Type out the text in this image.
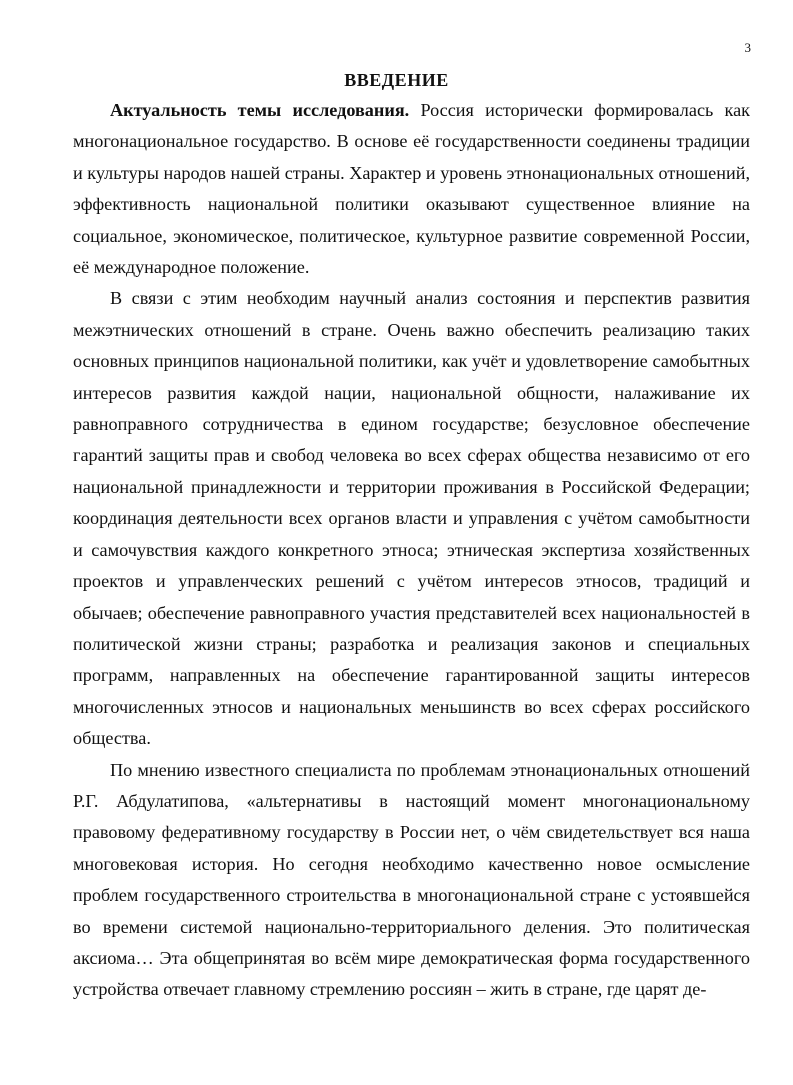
3
ВВЕДЕНИЕ

Актуальность темы исследования. Россия исторически формировалась как многонациональное государство. В основе её государственности соединены традиции и культуры народов нашей страны. Характер и уровень этнонациональных отношений, эффективность национальной политики оказывают существенное влияние на социальное, экономическое, политическое, культурное развитие современной России, её международное положение.

В связи с этим необходим научный анализ состояния и перспектив развития межэтнических отношений в стране. Очень важно обеспечить реализацию таких основных принципов национальной политики, как учёт и удовлетворение самобытных интересов развития каждой нации, национальной общности, налаживание их равноправного сотрудничества в едином государстве; безусловное обеспечение гарантий защиты прав и свобод человека во всех сферах общества независимо от его национальной принадлежности и территории проживания в Российской Федерации; координация деятельности всех органов власти и управления с учётом самобытности и самочувствия каждого конкретного этноса; этническая экспертиза хозяйственных проектов и управленческих решений с учётом интересов этносов, традиций и обычаев; обеспечение равноправного участия представителей всех национальностей в политической жизни страны; разработка и реализация законов и специальных программ, направленных на обеспечение гарантированной защиты интересов многочисленных этносов и национальных меньшинств во всех сферах российского общества.

По мнению известного специалиста по проблемам этнонациональных отношений Р.Г. Абдулатипова, «альтернативы в настоящий момент многонациональному правовому федеративному государству в России нет, о чём свидетельствует вся наша многовековая история. Но сегодня необходимо качественно новое осмысление проблем государственного строительства в многонациональной стране с устоявшейся во времени системой национально-территориального деления. Это политическая аксиома… Эта общепринятая во всём мире демократическая форма государственного устройства отвечает главному стремлению россиян – жить в стране, где царят де-
